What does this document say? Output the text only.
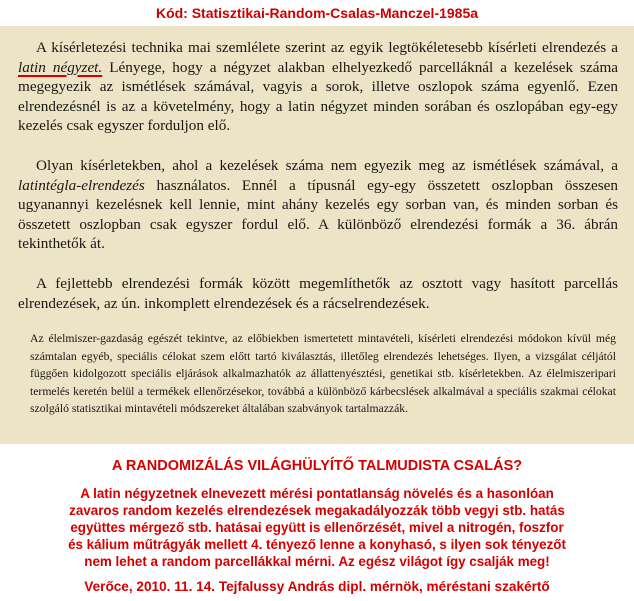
Kód: Statisztikai-Random-Csalas-Manczel-1985a

A kísérletezési technika mai szemlélete szerint az egyik legtökéletesebb kísérleti elrendezés a latin négyzet. Lényege, hogy a négyzet alakban elhelyezkedő parcelláknál a kezelések száma megegyezik az ismétlések számával, vagyis a sorok, illetve oszlopok száma egyenlő. Ezen elrendezésnél is az a követelmény, hogy a latin négyzet minden sorában és oszlopában egy-egy kezelés csak egyszer forduljon elő.

Olyan kísérletekben, ahol a kezelések száma nem egyezik meg az ismétlések számával, a latintégla-elrendezés használatos. Ennél a típusnál egy-egy összetett oszlopban összesen ugyanannyi kezelésnek kell lennie, mint ahány kezelés egy sorban van, és minden sorban és összetett oszlopban csak egyszer fordul elő. A különböző elrendezési formák a 36. ábrán tekinthetők át.

A fejlettebb elrendezési formák között megemlíthetők az osztott vagy hasított parcellás elrendezések, az ún. inkomplett elrendezések és a rácselrendezések.

Az élelmiszer-gazdaság egészét tekintve, az előbiekben ismertetett mintavételi, kísérleti elrendezési módokon kívül még számtalan egyéb, speciális célokat szem előtt tartó kiválasztás, illetőleg elrendezés lehetséges. Ilyen, a vizsgálat céljától függően kidolgozott speciális eljárások alkalmazhatók az állattenyésztési, genetikai stb. kísérletekben. Az élelmiszeripari termelés keretén belül a termékek ellenőrzésekor, továbbá a különböző kárbecslések alkalmával a speciális szakmai célokat szolgáló statisztikai mintavételi módszereket általában szabványok tartalmazzák.

A RANDOMIZÁLÁS VILÁGHÜLYÍTŐ TALMUDISTA CSALÁS?
A latin négyzetnek elnevezett mérési pontatlanság növelés és a hasonlóan
zavaros random kezelés elrendezések megakadályozzák több vegyi stb. hatás
együttes mérgező stb. hatásai együtt is ellenőrzését, mivel a nitrogén, foszfor
és kálium műtrágyák mellett 4. tényező lenne a konyhasó, s ilyen sok tényezőt
nem lehet a random parcellákkal mérni. Az egész világot így csalják meg!
Verőce, 2010. 11. 14. Tejfalussy András dipl. mérnök, méréstani szakértő
